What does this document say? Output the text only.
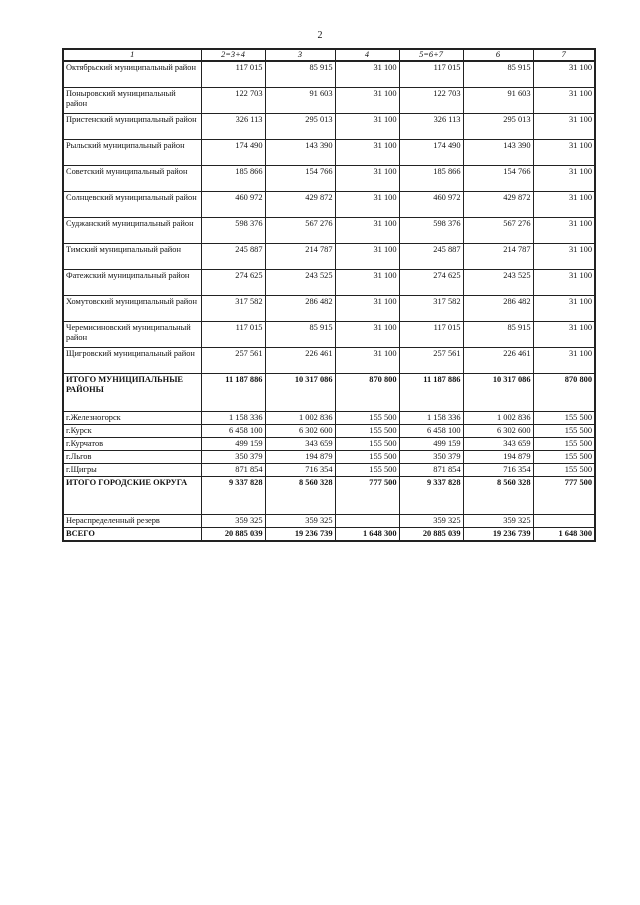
2
1	2=3+4	3	4	5=6+7	6	7
Октябрьский муниципальный район	117 015	85 915	31 100	117 015	85 915	31 100
Поныровский муниципальный район	122 703	91 603	31 100	122 703	91 603	31 100
Пристенский муниципальный район	326 113	295 013	31 100	326 113	295 013	31 100
Рыльский муниципальный район	174 490	143 390	31 100	174 490	143 390	31 100
Советский муниципальный район	185 866	154 766	31 100	185 866	154 766	31 100
Солнцевский муниципальный район	460 972	429 872	31 100	460 972	429 872	31 100
Суджанский муниципальный район	598 376	567 276	31 100	598 376	567 276	31 100
Тимский муниципальный район	245 887	214 787	31 100	245 887	214 787	31 100
Фатежский муниципальный район	274 625	243 525	31 100	274 625	243 525	31 100
Хомутовский муниципальный район	317 582	286 482	31 100	317 582	286 482	31 100
Черемисиновский муниципальный район	117 015	85 915	31 100	117 015	85 915	31 100
Щигровский муниципальный район	257 561	226 461	31 100	257 561	226 461	31 100
ИТОГО МУНИЦИПАЛЬНЫЕ РАЙОНЫ	11 187 886	10 317 086	870 800	11 187 886	10 317 086	870 800
г.Железногорск	1 158 336	1 002 836	155 500	1 158 336	1 002 836	155 500
г.Курск	6 458 100	6 302 600	155 500	6 458 100	6 302 600	155 500
г.Курчатов	499 159	343 659	155 500	499 159	343 659	155 500
г.Льгов	350 379	194 879	155 500	350 379	194 879	155 500
г.Щигры	871 854	716 354	155 500	871 854	716 354	155 500
ИТОГО ГОРОДСКИЕ ОКРУГА	9 337 828	8 560 328	777 500	9 337 828	8 560 328	777 500
Нераспределенный резерв	359 325	359 325		359 325	359 325	
ВСЕГО	20 885 039	19 236 739	1 648 300	20 885 039	19 236 739	1 648 300
